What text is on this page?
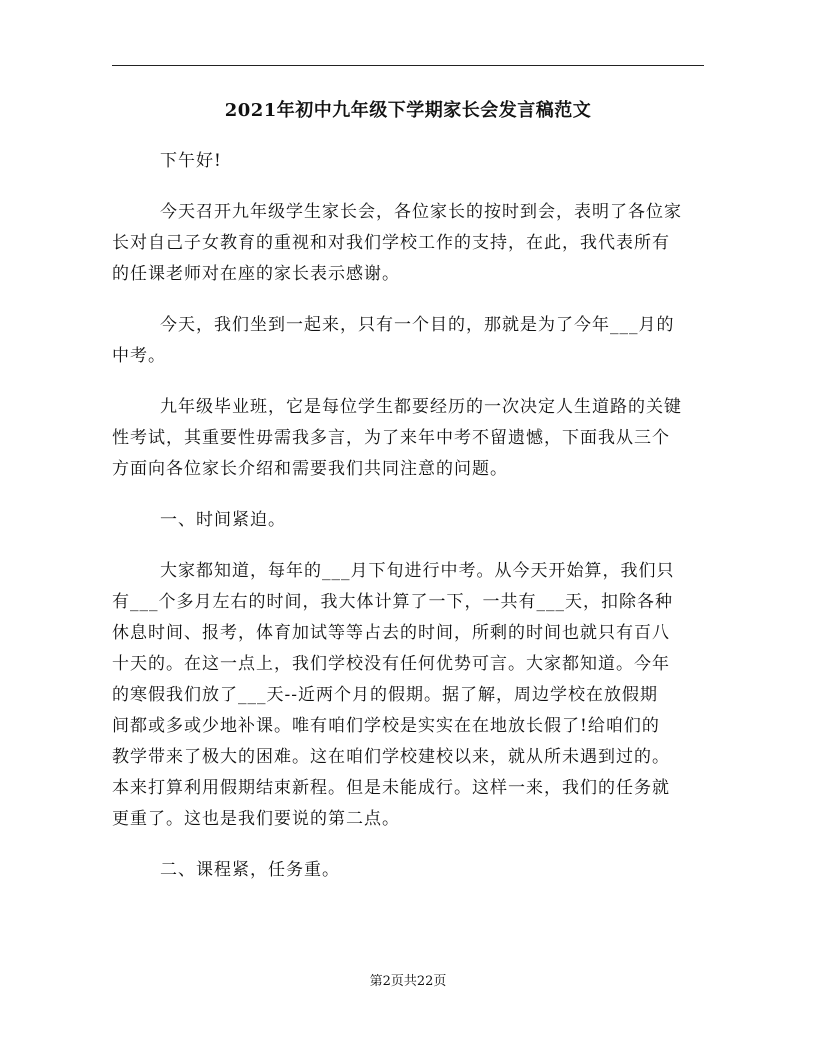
2021年初中九年级下学期家长会发言稿范文
下午好!
今天召开九年级学生家长会，各位家长的按时到会，表明了各位家
长对自己子女教育的重视和对我们学校工作的支持，在此，我代表所有
的任课老师对在座的家长表示感谢。
今天，我们坐到一起来，只有一个目的，那就是为了今年___月的
中考。
九年级毕业班，它是每位学生都要经历的一次决定人生道路的关键
性考试，其重要性毋需我多言，为了来年中考不留遗憾，下面我从三个
方面向各位家长介绍和需要我们共同注意的问题。
一、时间紧迫。
大家都知道，每年的___月下旬进行中考。从今天开始算，我们只
有___个多月左右的时间，我大体计算了一下，一共有___天，扣除各种
休息时间、报考，体育加试等等占去的时间，所剩的时间也就只有百八
十天的。在这一点上，我们学校没有任何优势可言。大家都知道。今年
的寒假我们放了___天--近两个月的假期。据了解，周边学校在放假期
间都或多或少地补课。唯有咱们学校是实实在在地放长假了!给咱们的
教学带来了极大的困难。这在咱们学校建校以来，就从所未遇到过的。
本来打算利用假期结束新程。但是未能成行。这样一来，我们的任务就
更重了。这也是我们要说的第二点。
二、课程紧，任务重。
第2页共22页
